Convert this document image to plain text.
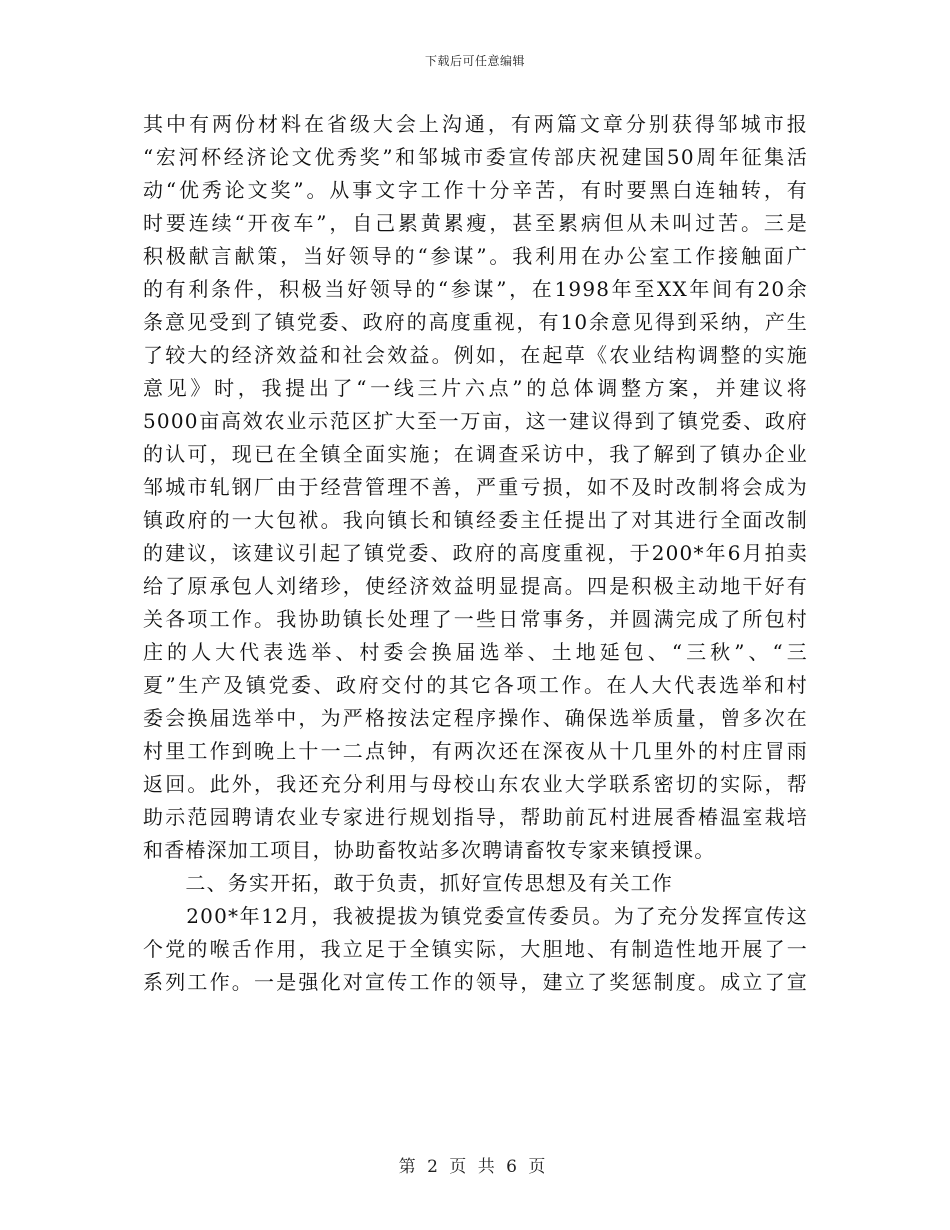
下载后可任意编辑
其中有两份材料在省级大会上沟通，有两篇文章分别获得邹城市报
“宏河杯经济论文优秀奖”和邹城市委宣传部庆祝建国50周年征集活
动“优秀论文奖”。从事文字工作十分辛苦，有时要黑白连轴转，有
时要连续“开夜车”，自己累黄累瘦，甚至累病但从未叫过苦。三是
积极献言献策，当好领导的“参谋”。我利用在办公室工作接触面广
的有利条件，积极当好领导的“参谋”，在1998年至XX年间有20余
条意见受到了镇党委、政府的高度重视，有10余意见得到采纳，产生
了较大的经济效益和社会效益。例如，在起草《农业结构调整的实施
意见》时，我提出了“一线三片六点”的总体调整方案，并建议将
5000亩高效农业示范区扩大至一万亩，这一建议得到了镇党委、政府
的认可，现已在全镇全面实施；在调查采访中，我了解到了镇办企业
邹城市轧钢厂由于经营管理不善，严重亏损，如不及时改制将会成为
镇政府的一大包袱。我向镇长和镇经委主任提出了对其进行全面改制
的建议，该建议引起了镇党委、政府的高度重视，于200*年6月拍卖
给了原承包人刘绪珍，使经济效益明显提高。四是积极主动地干好有
关各项工作。我协助镇长处理了一些日常事务，并圆满完成了所包村
庄的人大代表选举、村委会换届选举、土地延包、“三秋”、“三
夏”生产及镇党委、政府交付的其它各项工作。在人大代表选举和村
委会换届选举中，为严格按法定程序操作、确保选举质量，曾多次在
村里工作到晚上十一二点钟，有两次还在深夜从十几里外的村庄冒雨
返回。此外，我还充分利用与母校山东农业大学联系密切的实际，帮
助示范园聘请农业专家进行规划指导，帮助前瓦村进展香椿温室栽培
和香椿深加工项目，协助畜牧站多次聘请畜牧专家来镇授课。
　　二、务实开拓，敢于负责，抓好宣传思想及有关工作
　　200*年12月，我被提拔为镇党委宣传委员。为了充分发挥宣传这
个党的喉舌作用，我立足于全镇实际，大胆地、有制造性地开展了一
系列工作。一是强化对宣传工作的领导，建立了奖惩制度。成立了宣
第 2 页 共 6 页
